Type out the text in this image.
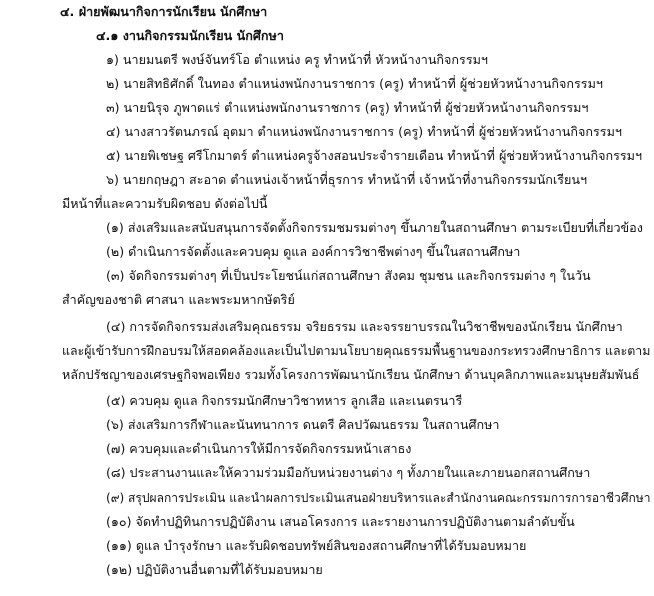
๔. ฝ่ายพัฒนากิจการนักเรียน นักศึกษา
๔.๑ งานกิจกรรมนักเรียน นักศึกษา
๑) นายมนตรี พงษ์จันทร์โอ ตำแหน่ง ครู ทำหน้าที่ หัวหน้างานกิจกรรมฯ
๒) นายสิทธิศักดิ์ ในทอง ตำแหน่งพนักงานราชการ (ครู) ทำหน้าที่ ผู้ช่วยหัวหน้างานกิจกรรมฯ
๓) นายนิรุจ ภูพาดแร่ ตำแหน่งพนักงานราชการ (ครู) ทำหน้าที่ ผู้ช่วยหัวหน้างานกิจกรรมฯ
๔) นางสาวรัตนภรณ์ อุตมา ตำแหน่งพนักงานราชการ (ครู) ทำหน้าที่ ผู้ช่วยหัวหน้างานกิจกรรมฯ
๕) นายพิเชษฐ ศรีโกมาตร์ ตำแหน่งครูจ้างสอนประจำรายเดือน ทำหน้าที่ ผู้ช่วยหัวหน้างานกิจกรรมฯ
๖) นายกฤษฎา สะอาด ตำแหน่งเจ้าหน้าที่ธุรการ ทำหน้าที่ เจ้าหน้าที่งานกิจกรรมนักเรียนฯ
มีหน้าที่และความรับผิดชอบ ดังต่อไปนี้
(๑) ส่งเสริมและสนับสนุนการจัดตั้งกิจกรรมชมรมต่างๆ ขึ้นภายในสถานศึกษา ตามระเบียบที่เกี่ยวข้อง
(๒) ดำเนินการจัดตั้งและควบคุม ดูแล องค์การวิชาชีพต่างๆ ขึ้นในสถานศึกษา
(๓) จัดกิจกรรมต่างๆ ที่เป็นประโยชน์แก่สถานศึกษา สังคม ชุมชน และกิจกรรมต่าง ๆ ในวัน
สำคัญของชาติ ศาสนา และพระมหากษัตริย์
(๔) การจัดกิจกรรมส่งเสริมคุณธรรม จริยธรรม และจรรยาบรรณในวิชาชีพของนักเรียน นักศึกษา
และผู้เข้ารับการฝึกอบรมให้สอดคล้องและเป็นไปตามนโยบายคุณธรรมพื้นฐานของกระทรวงศึกษาธิการ และตาม
หลักปรัชญาของเศรษฐกิจพอเพียง รวมทั้งโครงการพัฒนานักเรียน นักศึกษา ด้านบุคลิกภาพและมนุษยสัมพันธ์
(๕) ควบคุม ดูแล กิจกรรมนักศึกษาวิชาทหาร ลูกเสือ และเนตรนารี
(๖) ส่งเสริมการกีฬาและนันทนาการ ดนตรี ศิลปวัฒนธรรม ในสถานศึกษา
(๗) ควบคุมและดำเนินการให้มีการจัดกิจกรรมหน้าเสาธง
(๘) ประสานงานและให้ความร่วมมือกับหน่วยงานต่าง ๆ ทั้งภายในและภายนอกสถานศึกษา
(๙) สรุปผลการประเมิน และนำผลการประเมินเสนอฝ่ายบริหารและสำนักงานคณะกรรมการการอาชีวศึกษา
(๑๐) จัดทำปฏิทินการปฏิบัติงาน เสนอโครงการ และรายงานการปฏิบัติงานตามลำดับขั้น
(๑๑) ดูแล บำรุงรักษา และรับผิดชอบทรัพย์สินของสถานศึกษาที่ได้รับมอบหมาย
(๑๒) ปฏิบัติงานอื่นตามที่ได้รับมอบหมาย
